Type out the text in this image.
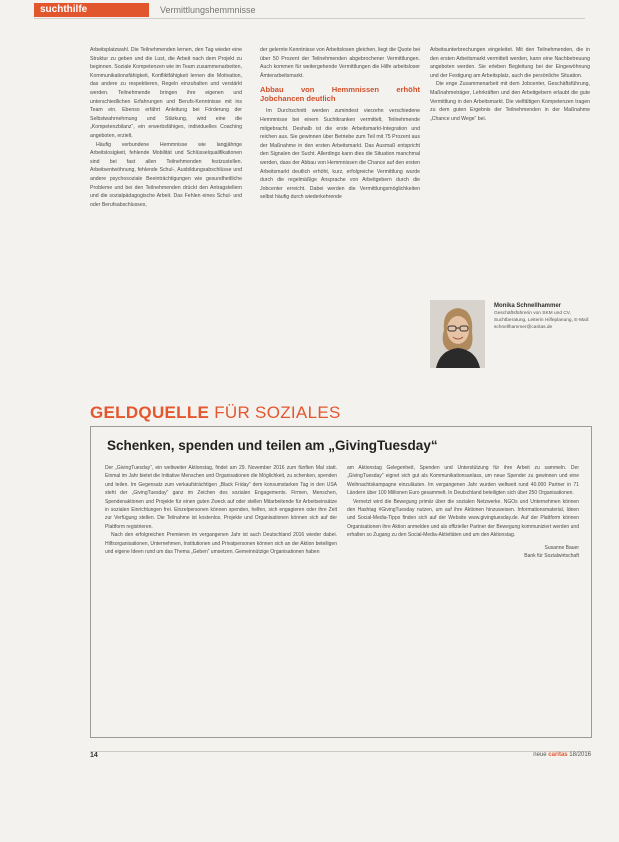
suchthilfe	Vermittlungshemmnisse

Arbeitsplatzwahl. Die Teilnehmenden lernen, den Tag wieder eine Struktur zu geben und die Lust, die Arbeit nach dem Projekt zu beginnen. Soziale Kompetenzen wie im Team zusammenarbeiten, Kommunikationsfähigkeit, Konfliktfähigkeit lernen die Motivation, das andere zu respektieren, Regeln einzuhalten und verstärkt werden. Teilnehmende bringen ihre eigenen und unterschiedlichen Erfahrungen und Berufs-Kenntnisse mit ins Team ein. Ebenso erfährt Anleitung bei Förderung der Selbstwahrnehmung und Stärkung, wird eine die „Kompetenzbilanz“, ein erwerbsfähiges, individuelles Coaching angeboten, erzielt.

Häufig verbundene Hemmnisse wie langjährige Arbeitslosigkeit, fehlende Mobilität und Schlüsselqualifikationen sind bei fast allen Teilnehmenden festzustellen. Arbeitsentwöhnung, fehlende Schul-, Ausbildungsabschlüsse und andere psychosoziale Beeinträchtigungen wie gesundheitliche Probleme und bei den Teilnehmenden drückt den Antragstellern und die sozialpädagogische Arbeit. Das Fehlen eines Schul- und oder Berufsabschlusses,

der gelernte Kenntnisse von Arbeitslosen gleichen, liegt die Quote bei über 50 Prozent der Teilnehmenden abgebrochener Vermittlungen. Auch kommen für weitergehende Vermittlungen die Hilfe arbeitsloser Ämterarbeitsmarkt.

Abbau von Hemmnissen erhöht Jobchancen deutlich

Im Durchschnitt werden zumindest vierzehn verschiedene Hemmnisse bei einem Suchtkranken vermittelt, Teilnehmende mitgebracht. Deshalb ist die erste Arbeitsmarkt-Integration und reichen aus. Sie gewinnen über Betriebe zum Teil mit 75 Prozent aus der Maßnahme in den ersten Arbeitsmarkt. Das Ausmaß entspricht den Signalen der Sucht. Allerdings kann dies die Situation manchmal werden, dass der Abbau von Hemmnissen die Chance auf den ersten Arbeitsmarkt deutlich erhöht, kurz, erfolgreiche Vermittlung wurde durch die regelmäßige Ansprache von Arbeitgebern durch die Jobcenter erreicht. Dabei werden die Vermittlungsmöglichkeiten selbst häufig durch wiederkehrende

Arbeitsunterbrechungen eingeleitet. Mit den Teilnehmenden, die in den ersten Arbeitsmarkt vermittelt werden, kann eine Nachbetreuung angeboten werden. Sie erleben Begleitung bei der Eingewöhnung und der Festigung am Arbeitsplatz, auch die persönliche Situation.

Die enge Zusammenarbeit mit dem Jobcenter, Geschäftsführung, Maßnahmeträger, Lehrkräften und den Arbeitgebern erlaubt die gute Vermittlung in den Arbeitsmarkt. Die vielfältigen Kompetenzen tragen zu dem guten Ergebnis der Teilnehmenden in der Maßnahme „Chance und Wege“ bei.

Monika Schnellhammer
Geschäftsführerin von SKM und CV, Suchtberatung, Leiterin Hilfeplanung, E-Mail: schnellhammer@caritas.de
GELDQUELLE FÜR SOZIALES
Schenken, spenden und teilen am „GivingTuesday“

Der „GivingTuesday“, ein weltweiter Aktionstag, findet am 29. November 2016 zum fünften Mal statt. Einmal im Jahr bietet die Initiative Menschen und Organisationen die Möglichkeit, zu schenken, spenden und teilen. Im Gegensatz zum verkaufsträchtigen „Black Friday“ dem konsumstarken Tag in den USA steht der „GivingTuesday“ ganz im Zeichen des sozialen Engagements. Firmen, Menschen, Spendenaktionen und Projekte für einen guten Zweck auf oder stellen Mitarbeitende für Arbeitseinsätze in sozialen Einrichtungen frei. Einzelpersonen können spenden, helfen, sich engagieren oder ihre Zeit zur Verfügung stellen. Die Teilnahme ist kostenlos. Projekte und Organisationen können sich auf der Plattform registrieren.

Nach den erfolgreichen Premieren im vergangenen Jahr ist auch Deutschland 2016 wieder dabei. Hilfsorganisationen, Unternehmen, Institutionen und Privatpersonen können sich an der Aktion beteiligen und eigene Ideen rund um das Thema „Geben“ umsetzen. Gemeinnützige Organisationen haben

am Aktionstag Gelegenheit, Spenden und Unterstützung für ihre Arbeit zu sammeln. Der „GivingTuesday“ eignet sich gut als Kommunikationsanlass, um neue Spender zu gewinnen und eine Weihnachtskampagne einzuläuten. Im vergangenen Jahr wurden weltweit rund 40.000 Partner in 71 Ländern über 100 Millionen Euro gesammelt. In Deutschland beteiligten sich über 250 Organisationen.

Vernetzt wird die Bewegung primär über die sozialen Netzwerke. NGOs und Unternehmen können den Hashtag #GivingTuesday nutzen, um auf ihre Aktionen hinzuweisen. Informationsmaterial, Ideen und Social-Media-Tipps finden sich auf der Website www.givingtuesday.de. Auf der Plattform können Organisationen ihre Aktion anmelden und als offizieller Partner der Bewegung kommuniziert werden und erhalten so Zugang zu den Social-Media-Aktivitäten und um den Aktionstag.

Susanne Bauer
Bank für Sozialwirtschaft
14	neue caritas 18/2016
